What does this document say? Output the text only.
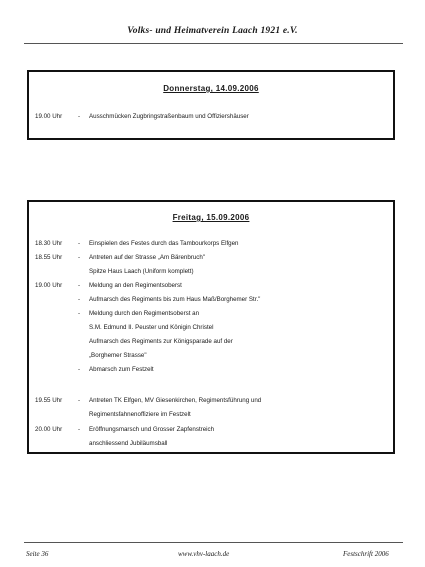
Volks- und Heimatverein Laach 1921 e.V.
Donnerstag, 14.09.2006
19.00 Uhr	- Ausschmücken Zugbringstraßenbaum und Offiziershäuser
Freitag, 15.09.2006
18.30 Uhr	- Einspielen des Festes durch das Tambourkorps Elfgen
18.55 Uhr	- Antreten auf der Strasse „Am Bärenbruch"
Spitze Haus Laach (Uniform komplett)
19.00 Uhr	- Meldung an den Regimentsoberst
- Aufmarsch des Regiments bis zum Haus Maß/Borghemer Str."
- Meldung durch den Regimentsoberst an
S.M. Edmund II. Peuster und Königin Christel
Aufmarsch des Regiments zur Königsparade auf der
„Borghemer Strasse"
- Abmarsch zum Festzelt
19.55 Uhr	- Antreten TK Elfgen, MV Giesenkirchen, Regimentsführung und
Regimentsfahnenoffiziere im Festzelt
20.00 Uhr	- Eröffnungsmarsch und Grosser Zapfenstreich
anschliessend Jubiläumsball
Seite 36	www.vhv-laach.de	Festschrift 2006
